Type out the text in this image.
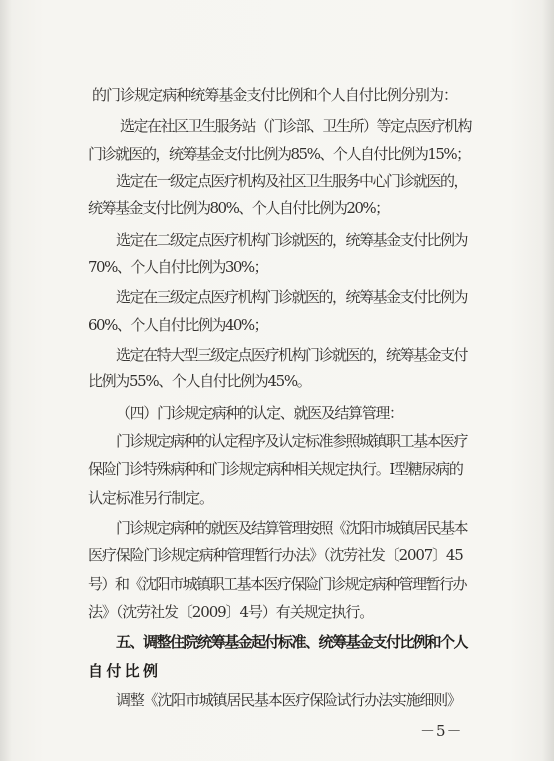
的门诊规定病种统筹基金支付比例和个人自付比例分别为：
选定在社区卫生服务站（门诊部、卫生所）等定点医疗机构
门诊就医的，统筹基金支付比例为85%、个人自付比例为15%；
选定在一级定点医疗机构及社区卫生服务中心门诊就医的，
统筹基金支付比例为80%、个人自付比例为20%；
选定在二级定点医疗机构门诊就医的，统筹基金支付比例为
70%、个人自付比例为30%；
选定在三级定点医疗机构门诊就医的，统筹基金支付比例为
60%、个人自付比例为40%；
选定在特大型三级定点医疗机构门诊就医的，统筹基金支付
比例为55%、个人自付比例为45%。
（四）门诊规定病种的认定、就医及结算管理：
门诊规定病种的认定程序及认定标准参照城镇职工基本医疗
保险门诊特殊病种和门诊规定病种相关规定执行。I型糖尿病的
认定标准另行制定。
门诊规定病种的就医及结算管理按照《沈阳市城镇居民基本
医疗保险门诊规定病种管理暂行办法》（沈劳社发〔2007〕45
号）和《沈阳市城镇职工基本医疗保险门诊规定病种管理暂行办
法》（沈劳社发〔2009〕4号）有关规定执行。
五、调整住院统筹基金起付标准、统筹基金支付比例和个人
自付比例
调整《沈阳市城镇居民基本医疗保险试行办法实施细则》
－5－
